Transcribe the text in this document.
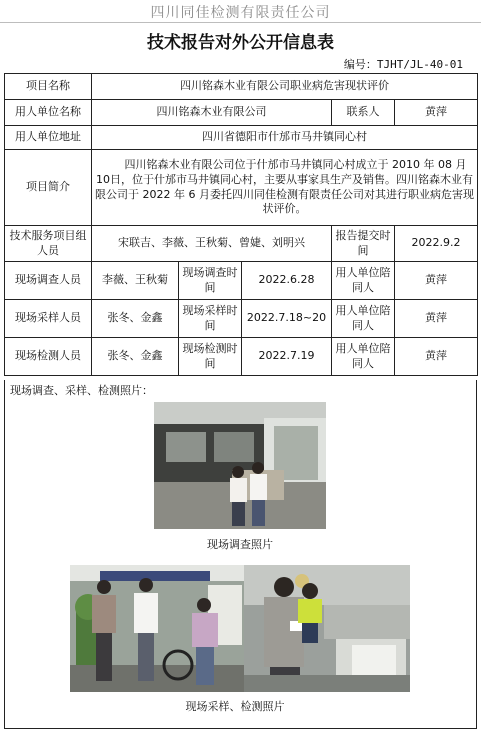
四川同佳检测有限责任公司
技术报告对外公开信息表
编号：TJHT/JL-40-01
项目名称	四川铭森木业有限公司职业病危害现状评价				
用人单位名称	四川铭森木业有限公司			联系人	黄萍
用人单位地址	四川省德阳市什邡市马井镇同心村				
项目简介	四川铭森木业有限公司位于什邡市马井镇同心村成立于 2010 年 08 月 10日，位于什邡市马井镇同心村，主要从事家具生产及销售。四川铭森木业有限公司于 2022 年 6 月委托四川同佳检测有限责任公司对其进行职业病危害现状评价。				
技术服务项目组人员	宋联吉、李薇、王秋菊、曾婕、刘明兴			报告提交时间	2022.9.2
现场调查人员	李薇、王秋菊	现场调查时间	2022.6.28	用人单位陪同人	黄萍
现场采样人员	张冬、金鑫	现场采样时间	2022.7.18~20	用人单位陪同人	黄萍
现场检测人员	张冬、金鑫	现场检测时间	2022.7.19	用人单位陪同人	黄萍
现场调查、采样、检测照片：
现场调查照片
现场采样、检测照片
